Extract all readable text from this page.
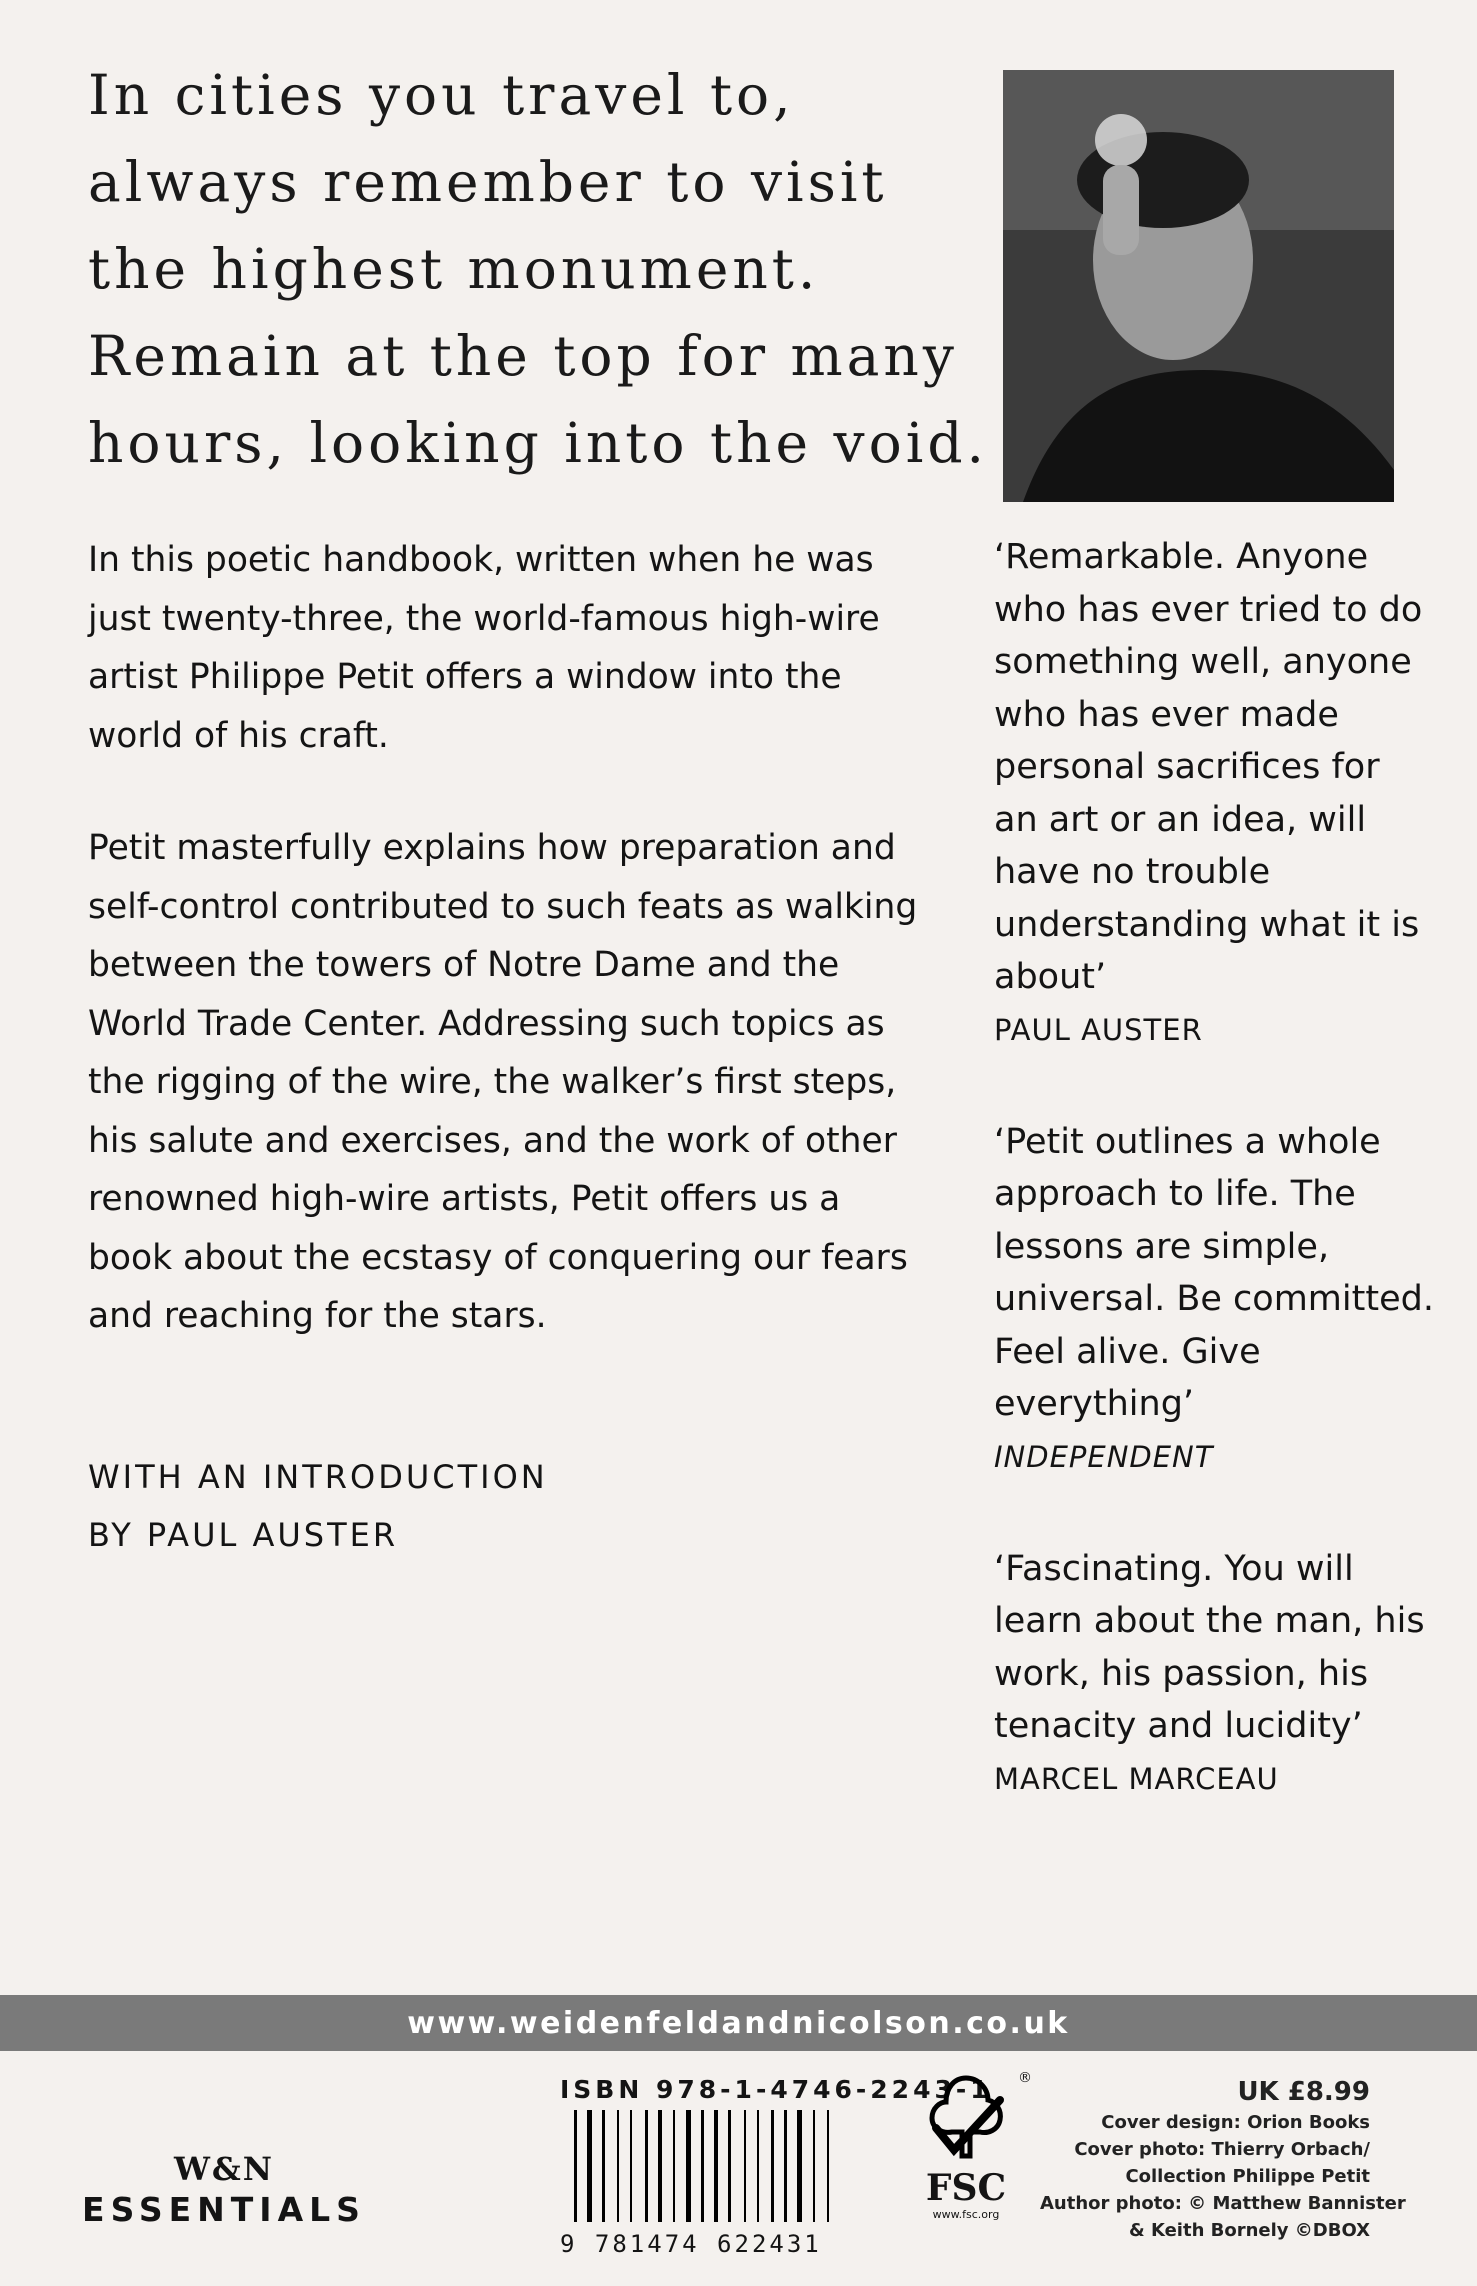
In cities you travel to,
always remember to visit
the highest monument.
Remain at the top for many
hours, looking into the void.

In this poetic handbook, written when he was just twenty-three, the world-famous high-wire artist Philippe Petit offers a window into the world of his craft.

Petit masterfully explains how preparation and self-control contributed to such feats as walking between the towers of Notre Dame and the World Trade Center. Addressing such topics as the rigging of the wire, the walker’s first steps, his salute and exercises, and the work of other renowned high-wire artists, Petit offers us a book about the ecstasy of conquering our fears and reaching for the stars.

WITH AN INTRODUCTION
BY PAUL AUSTER

‘Remarkable. Anyone who has ever tried to do something well, anyone who has ever made personal sacrifices for an art or an idea, will have no trouble understanding what it is about’

PAUL AUSTER

‘Petit outlines a whole approach to life. The lessons are simple, universal. Be committed. Feel alive. Give everything’

INDEPENDENT

‘Fascinating. You will learn about the man, his work, his passion, his tenacity and lucidity’

MARCEL MARCEAU
www.weidenfeldandnicolson.co.uk
W&N
ESSENTIALS
ISBN 978-1-4746-2243-1
9 781474 622431
FSC
www.fsc.org
®	UK £8.99
Cover design: Orion Books
Cover photo: Thierry Orbach/
Collection Philippe Petit
Author photo: © Matthew Bannister
& Keith Bornely ©DBOX
